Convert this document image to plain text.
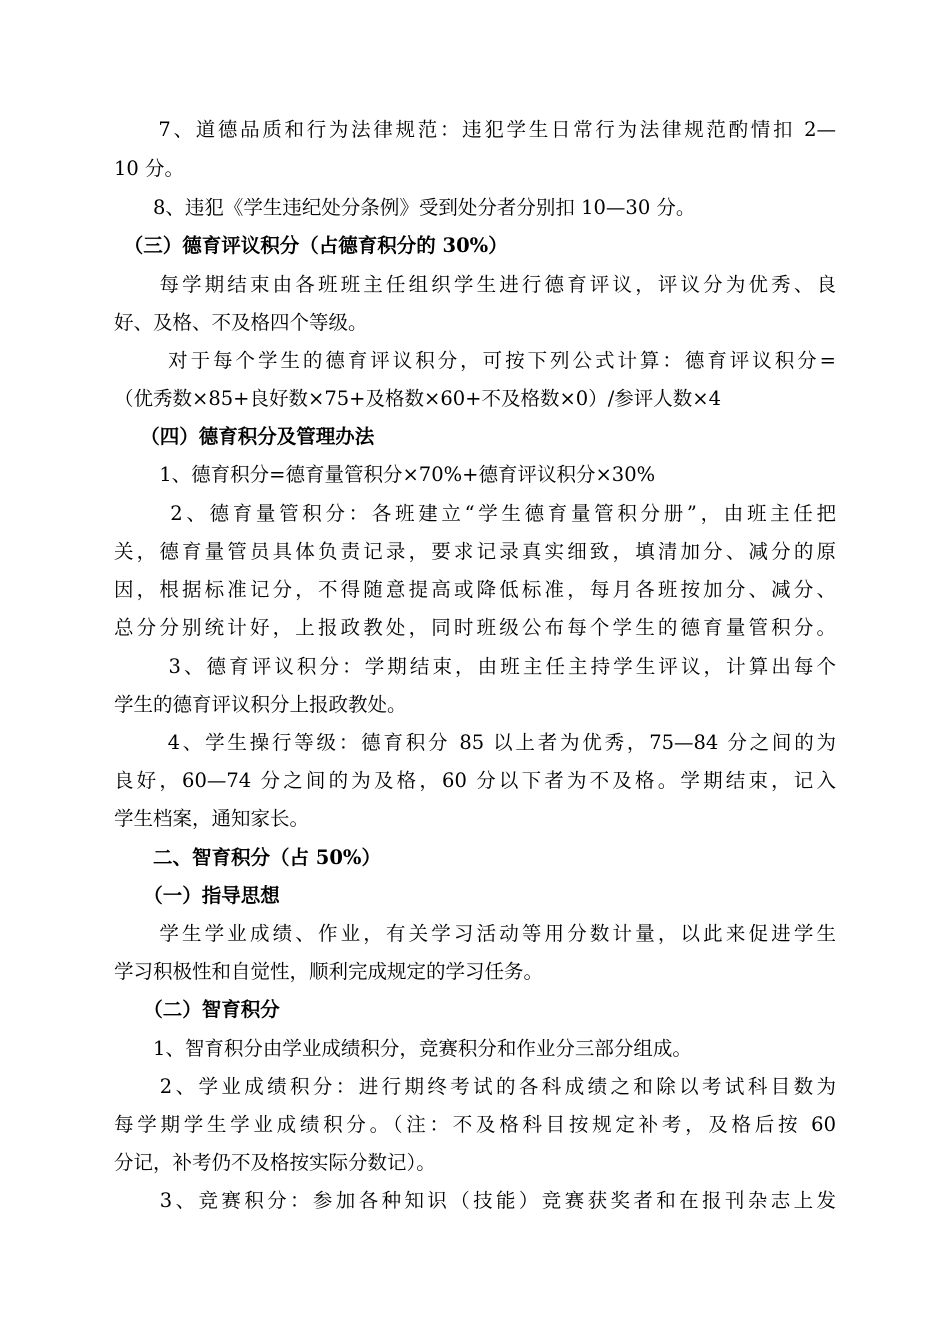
　　7、道德品质和行为法律规范：违犯学生日常行为法律规范酌情扣 2—
10 分。
　　8、违犯《学生违纪处分条例》受到处分者分别扣 10—30 分。
　（三）德育评议积分（占德育积分的 30%）
　　每学期结束由各班班主任组织学生进行德育评议，评议分为优秀、良
好、及格、不及格四个等级。
　　 对于每个学生的德育评议积分，可按下列公式计算：德育评议积分=
（优秀数×85+良好数×75+及格数×60+不及格数×0）/参评人数×4
　 （四）德育积分及管理办法
　　 1、德育积分=德育量管积分×70%+德育评议积分×30%
　　 2、德育量管积分：各班建立“学生德育量管积分册”，由班主任把
关，德育量管员具体负责记录，要求记录真实细致，填清加分、减分的原
因，根据标准记分，不得随意提高或降低标准，每月各班按加分、减分、
总分分别统计好，上报政教处，同时班级公布每个学生的德育量管积分。
　　 3、德育评议积分：学期结束，由班主任主持学生评议，计算出每个
学生的德育评议积分上报政教处。
　　 4、学生操行等级：德育积分 85 以上者为优秀，75—84 分之间的为
良好，60—74 分之间的为及格，60 分以下者为不及格。学期结束，记入
学生档案，通知家长。
　　二、智育积分（占 50%）
　　（一）指导思想
　　学生学业成绩、作业，有关学习活动等用分数计量，以此来促进学生
学习积极性和自觉性，顺利完成规定的学习任务。
　　（二）智育积分
　　1、智育积分由学业成绩积分，竞赛积分和作业分三部分组成。
　　2、学业成绩积分：进行期终考试的各科成绩之和除以考试科目数为
每学期学生学业成绩积分。（注：不及格科目按规定补考，及格后按 60
分记，补考仍不及格按实际分数记）。
　　3、竞赛积分：参加各种知识（技能）竞赛获奖者和在报刊杂志上发
